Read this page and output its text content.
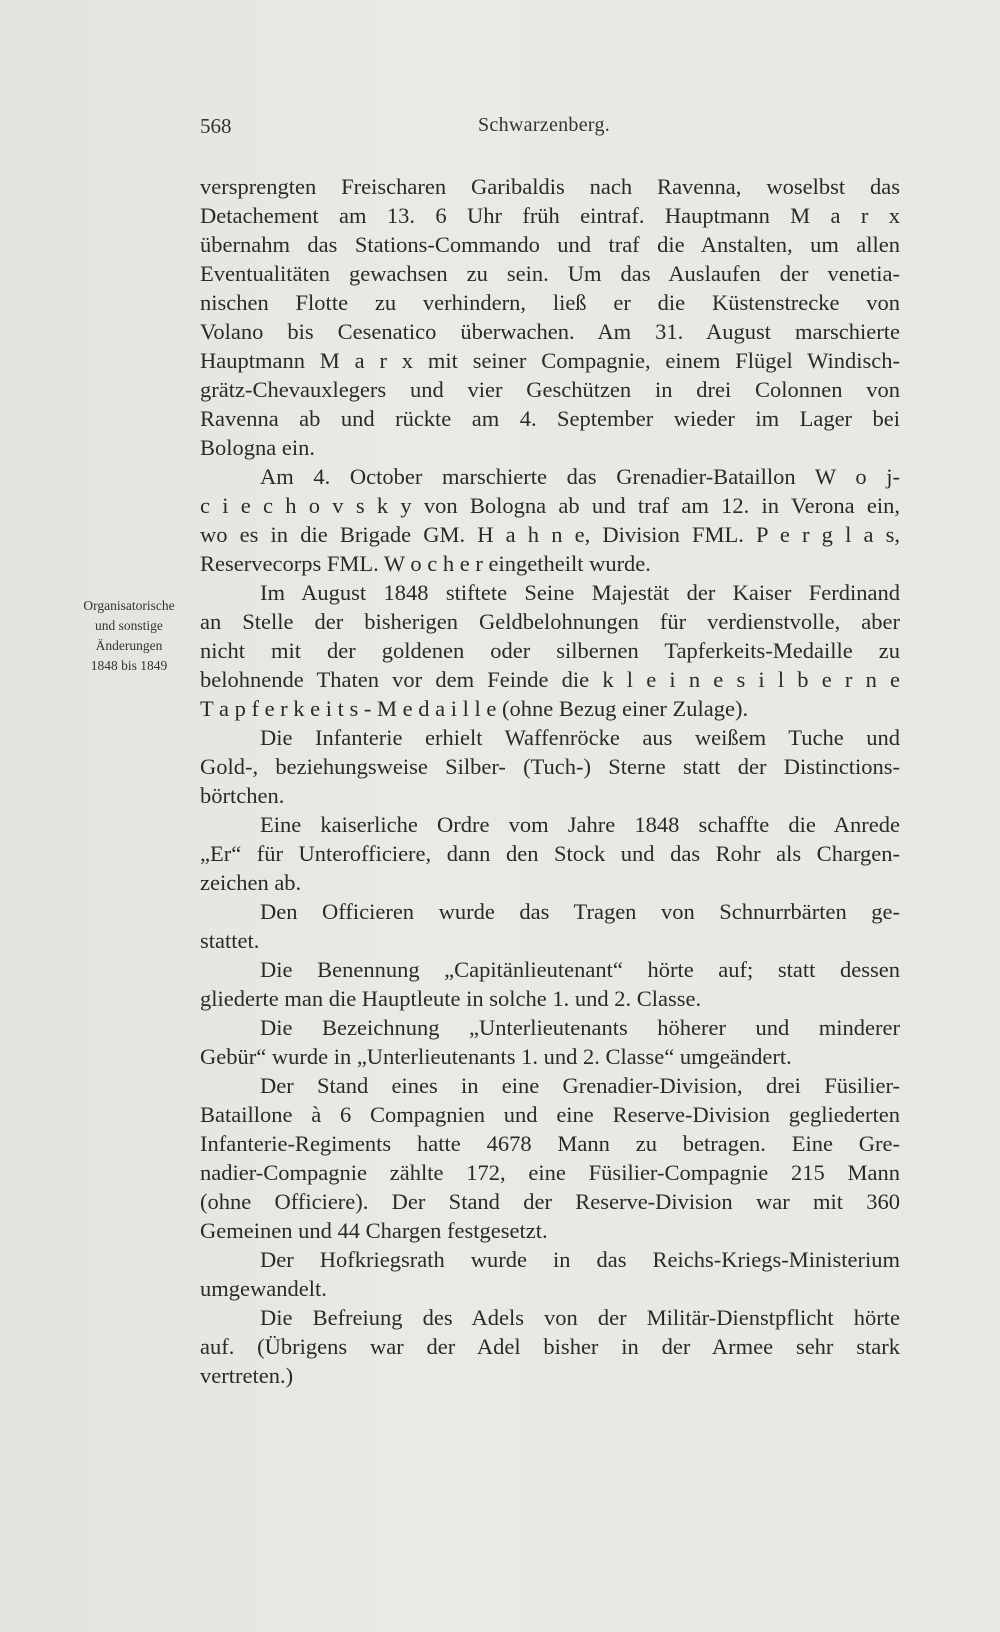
568	Schwarzenberg.
Organisatorische
und sonstige
Änderungen
1848 bis 1849
versprengten Freischaren Garibaldis nach Ravenna, woselbst das
Detachement am 13. 6 Uhr früh eintraf. Hauptmann M a r x
übernahm das Stations-Commando und traf die Anstalten, um allen
Eventualitäten gewachsen zu sein. Um das Auslaufen der venetia-
nischen Flotte zu verhindern, ließ er die Küstenstrecke von
Volano bis Cesenatico überwachen. Am 31. August marschierte
Hauptmann M a r x mit seiner Compagnie, einem Flügel Windisch-
grätz-Chevauxlegers und vier Geschützen in drei Colonnen von
Ravenna ab und rückte am 4. September wieder im Lager bei
Bologna ein.
Am 4. October marschierte das Grenadier-Bataillon W o j-
c i e c h o v s k y von Bologna ab und traf am 12. in Verona ein,
wo es in die Brigade GM. H a h n e, Division FML. P e r g l a s,
Reservecorps FML. W o c h e r eingetheilt wurde.
Im August 1848 stiftete Seine Majestät der Kaiser Ferdinand
an Stelle der bisherigen Geldbelohnungen für verdienstvolle, aber
nicht mit der goldenen oder silbernen Tapferkeits-Medaille zu
belohnende Thaten vor dem Feinde die k l e i n e s i l b e r n e
T a p f e r k e i t s - M e d a i l l e (ohne Bezug einer Zulage).
Die Infanterie erhielt Waffenröcke aus weißem Tuche und
Gold-, beziehungsweise Silber- (Tuch-) Sterne statt der Distinctions-
börtchen.
Eine kaiserliche Ordre vom Jahre 1848 schaffte die Anrede
„Er“ für Unterofficiere, dann den Stock und das Rohr als Chargen-
zeichen ab.
Den Officieren wurde das Tragen von Schnurrbärten ge-
stattet.
Die Benennung „Capitänlieutenant“ hörte auf; statt dessen
gliederte man die Hauptleute in solche 1. und 2. Classe.
Die Bezeichnung „Unterlieutenants höherer und minderer
Gebür“ wurde in „Unterlieutenants 1. und 2. Classe“ umgeändert.
Der Stand eines in eine Grenadier-Division, drei Füsilier-
Bataillone à 6 Compagnien und eine Reserve-Division gegliederten
Infanterie-Regiments hatte 4678 Mann zu betragen. Eine Gre-
nadier-Compagnie zählte 172, eine Füsilier-Compagnie 215 Mann
(ohne Officiere). Der Stand der Reserve-Division war mit 360
Gemeinen und 44 Chargen festgesetzt.
Der Hofkriegsrath wurde in das Reichs-Kriegs-Ministerium
umgewandelt.
Die Befreiung des Adels von der Militär-Dienstpflicht hörte
auf. (Übrigens war der Adel bisher in der Armee sehr stark
vertreten.)
